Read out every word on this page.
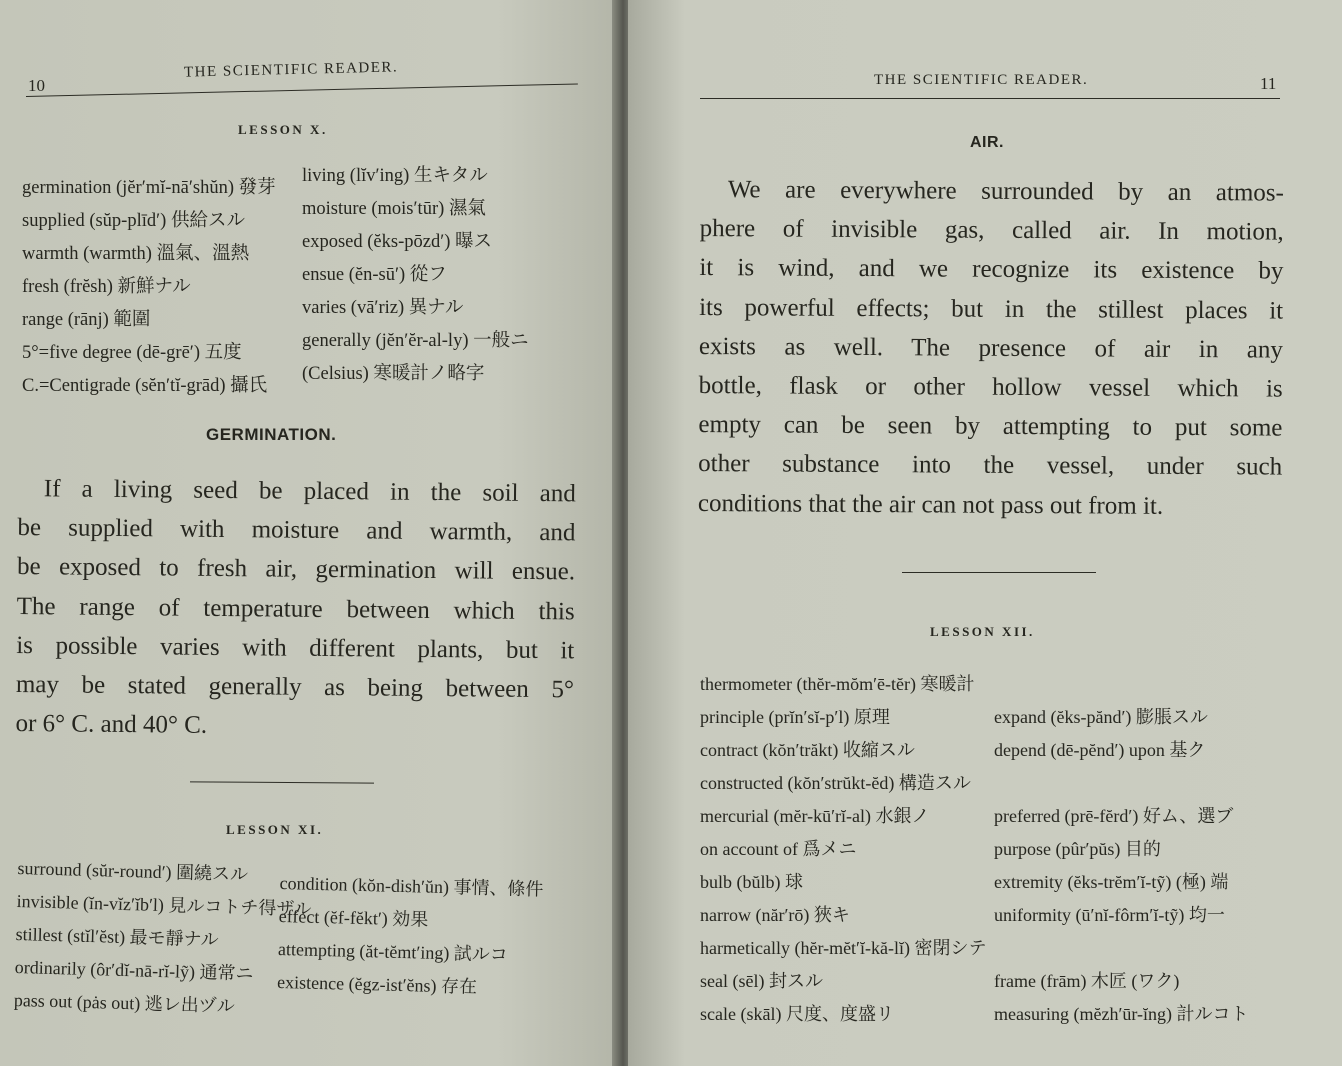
10
THE SCIENTIFIC READER.
LESSON X.
germination (jĕr′mĭ-nā′shŭn) 發芽
supplied (sŭp-plīd′) 供給スル
warmth (warmth) 溫氣、溫熱
fresh (frĕsh) 新鮮ナル
range (rānj) 範圍
5°=five degree (dē-grē′) 五度
C.=Centigrade (sĕn′tĭ-grād) 攝氏
living (lĭv′ing) 生キタル
moisture (mois′tūr) 濕氣
exposed (ĕks-pōzd′) 曝ス
ensue (ĕn-sū′) 從フ
varies (vā′riz) 異ナル
generally (jĕn′ĕr-al-ly) 一般ニ
(Celsius) 寒暖計ノ略字
GERMINATION.
If a living seed be placed in the soil and
be supplied with moisture and warmth, and
be exposed to fresh air, germination will ensue.
The range of temperature between which this
is possible varies with different plants, but it
may be stated generally as being between 5°
or 6° C. and 40° C.
LESSON XI.
surround (sŭr-round′) 圍繞スル
invisible (ĭn-vĭz′ĭb′l) 見ルコトチ得ザル
stillest (stĭl′ĕst) 最モ靜ナル
ordinarily (ôr′dĭ-nā-rĭ-lỹ) 通常ニ
pass out (pȧs out) 逃レ出ヅル
condition (kŏn-dish′ŭn) 事情、條件
effect (ĕf-fĕkt′) 効果
attempting (ăt-tĕmt′ing) 試ルコ
existence (ĕgz-ist′ĕns) 存在
THE SCIENTIFIC READER.	11
AIR.
We are everywhere surrounded by an atmos-
phere of invisible gas, called air. In motion,
it is wind, and we recognize its existence by
its powerful effects; but in the stillest places it
exists as well. The presence of air in any
bottle, flask or other hollow vessel which is
empty can be seen by attempting to put some
other substance into the vessel, under such
conditions that the air can not pass out from it.
LESSON XII.
thermometer (thĕr-mŏm′ē-tĕr) 寒暖計
principle (prĭn′sĭ-p′l) 原理
contract (kŏn′trăkt) 收縮スル
constructed (kŏn′strŭkt-ĕd) 構造スル
mercurial (mĕr-kū′rĭ-al) 水銀ノ
on account of 爲メニ
bulb (bŭlb) 球
narrow (năr′rō) 狹キ
harmetically (hĕr-mĕt′ĭ-kă-lĭ) 密閉シテ
seal (sēl) 封スル
scale (skāl) 尺度、度盛リ
expand (ĕks-pănd′) 膨脹スル
depend (dē-pĕnd′) upon 基ク
preferred (prē-fĕrd′) 好ム、選ブ
purpose (pûr′pŭs) 目的
extremity (ĕks-trĕm′ĭ-tỹ) (極) 端
uniformity (ū′nĭ-fôrm′ĭ-tỹ) 均一
frame (frām) 木匠 (ワク)
measuring (mĕzh′ūr-ĭng) 計ルコト
